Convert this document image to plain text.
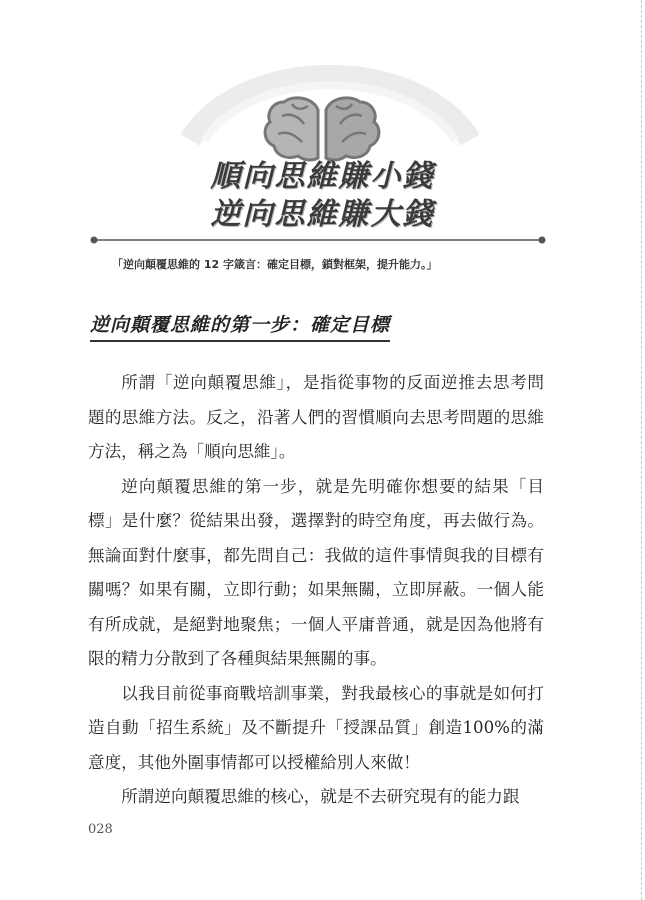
順向思維賺小錢
逆向思維賺大錢
「逆向顛覆思維的 12 字箴言：確定目標，鎖對框架，提升能力。」
逆向顛覆思維的第一步：確定目標

所謂「逆向顛覆思維」，是指從事物的反面逆推去思考問題的思維方法。反之，沿著人們的習慣順向去思考問題的思維方法，稱之為「順向思維」。

逆向顛覆思維的第一步，就是先明確你想要的結果「目標」是什麼？從結果出發，選擇對的時空角度，再去做行為。無論面對什麼事，都先問自己：我做的這件事情與我的目標有關嗎？如果有關，立即行動；如果無關，立即屏蔽。一個人能有所成就，是絕對地聚焦；一個人平庸普通，就是因為他將有限的精力分散到了各種與結果無關的事。

以我目前從事商戰培訓事業，對我最核心的事就是如何打造自動「招生系統」及不斷提升「授課品質」創造100%的滿意度，其他外圍事情都可以授權給別人來做！

所謂逆向顛覆思維的核心，就是不去研究現有的能力跟

028
